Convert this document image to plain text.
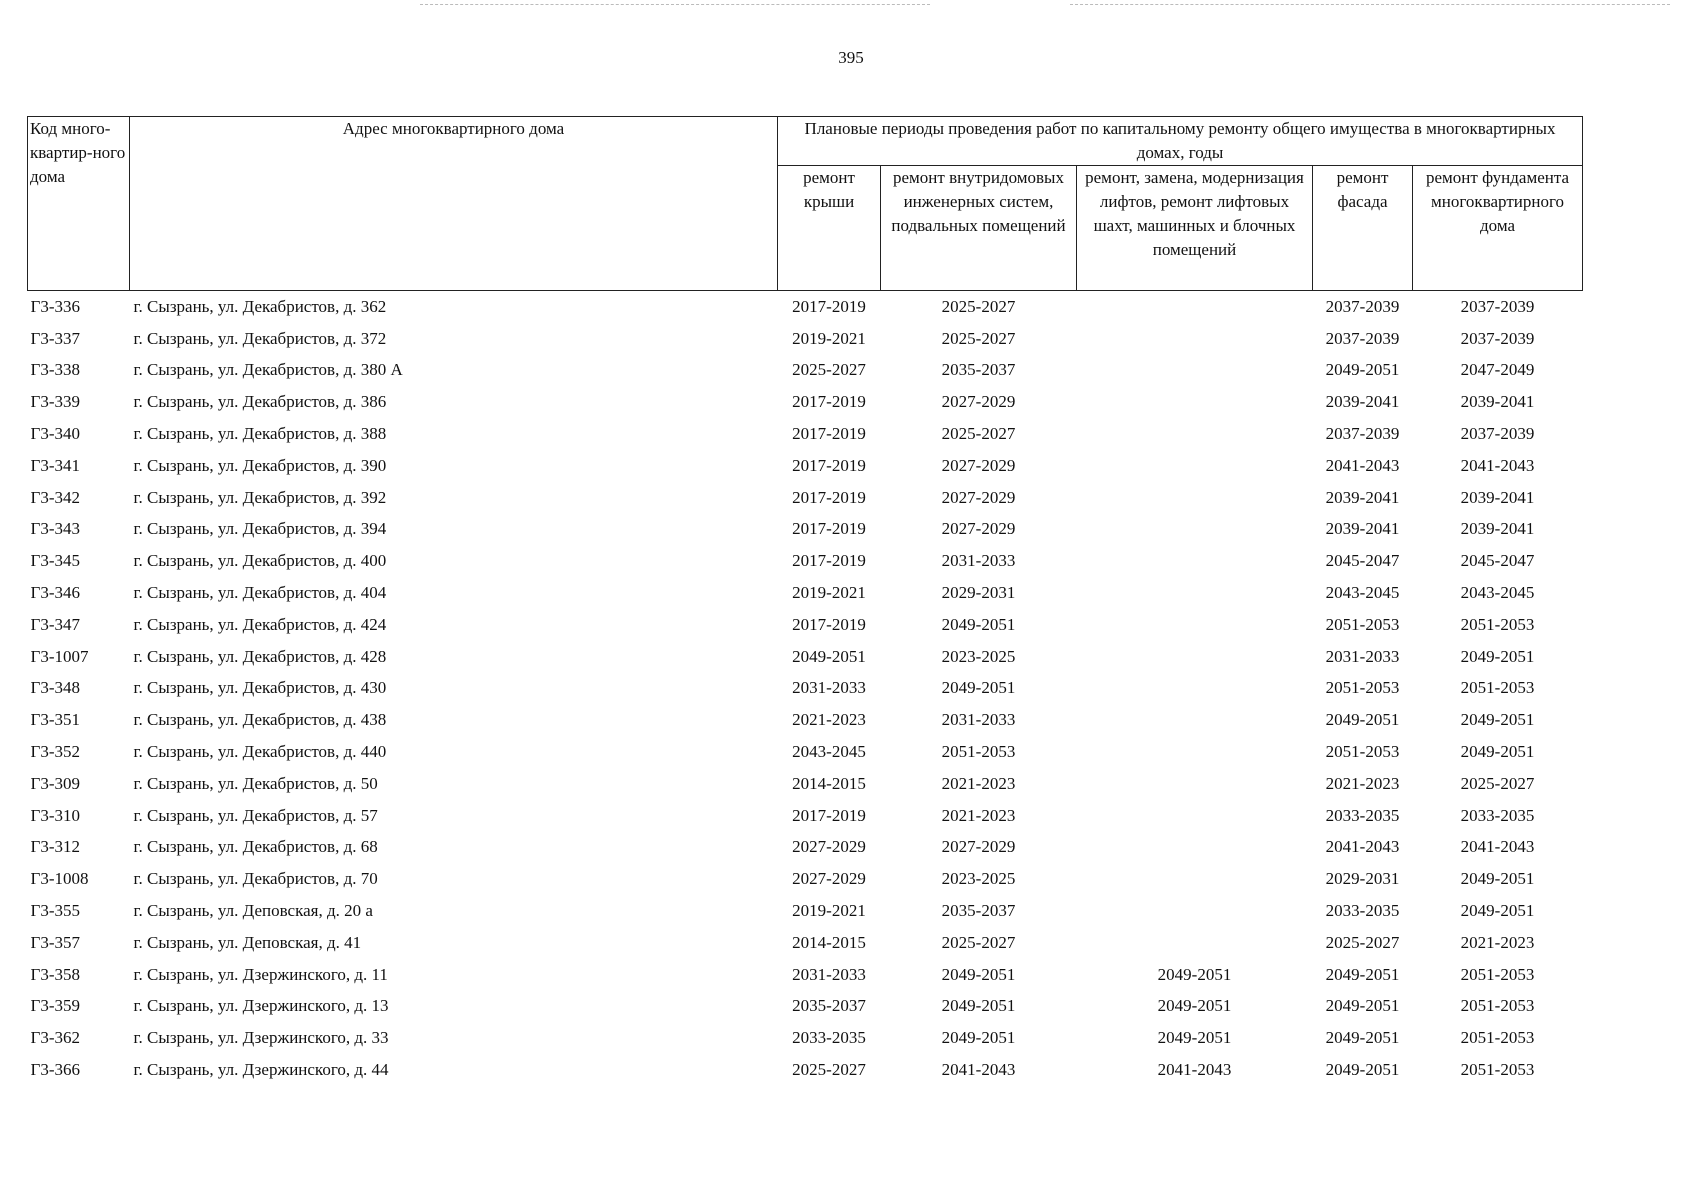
395
Код много-квартир-ного дома	Адрес многоквартирного дома	Плановые периоды проведения работ по капитальному ремонту общего имущества в многоквартирных домах, годы				
		ремонт крыши	ремонт внутридомовых инженерных систем, подвальных помещений	ремонт, замена, модернизация лифтов, ремонт лифтовых шахт, машинных и блочных помещений	ремонт фасада	ремонт фундамента многоквартирного дома
Г3-336	г. Сызрань, ул. Декабристов, д. 362	2017-2019	2025-2027		2037-2039	2037-2039
Г3-337	г. Сызрань, ул. Декабристов, д. 372	2019-2021	2025-2027		2037-2039	2037-2039
Г3-338	г. Сызрань, ул. Декабристов, д. 380 А	2025-2027	2035-2037		2049-2051	2047-2049
Г3-339	г. Сызрань, ул. Декабристов, д. 386	2017-2019	2027-2029		2039-2041	2039-2041
Г3-340	г. Сызрань, ул. Декабристов, д. 388	2017-2019	2025-2027		2037-2039	2037-2039
Г3-341	г. Сызрань, ул. Декабристов, д. 390	2017-2019	2027-2029		2041-2043	2041-2043
Г3-342	г. Сызрань, ул. Декабристов, д. 392	2017-2019	2027-2029		2039-2041	2039-2041
Г3-343	г. Сызрань, ул. Декабристов, д. 394	2017-2019	2027-2029		2039-2041	2039-2041
Г3-345	г. Сызрань, ул. Декабристов, д. 400	2017-2019	2031-2033		2045-2047	2045-2047
Г3-346	г. Сызрань, ул. Декабристов, д. 404	2019-2021	2029-2031		2043-2045	2043-2045
Г3-347	г. Сызрань, ул. Декабристов, д. 424	2017-2019	2049-2051		2051-2053	2051-2053
Г3-1007	г. Сызрань, ул. Декабристов, д. 428	2049-2051	2023-2025		2031-2033	2049-2051
Г3-348	г. Сызрань, ул. Декабристов, д. 430	2031-2033	2049-2051		2051-2053	2051-2053
Г3-351	г. Сызрань, ул. Декабристов, д. 438	2021-2023	2031-2033		2049-2051	2049-2051
Г3-352	г. Сызрань, ул. Декабристов, д. 440	2043-2045	2051-2053		2051-2053	2049-2051
Г3-309	г. Сызрань, ул. Декабристов, д. 50	2014-2015	2021-2023		2021-2023	2025-2027
Г3-310	г. Сызрань, ул. Декабристов, д. 57	2017-2019	2021-2023		2033-2035	2033-2035
Г3-312	г. Сызрань, ул. Декабристов, д. 68	2027-2029	2027-2029		2041-2043	2041-2043
Г3-1008	г. Сызрань, ул. Декабристов, д. 70	2027-2029	2023-2025		2029-2031	2049-2051
Г3-355	г. Сызрань, ул. Деповская, д. 20 а	2019-2021	2035-2037		2033-2035	2049-2051
Г3-357	г. Сызрань, ул. Деповская, д. 41	2014-2015	2025-2027		2025-2027	2021-2023
Г3-358	г. Сызрань, ул. Дзержинского, д. 11	2031-2033	2049-2051	2049-2051	2049-2051	2051-2053
Г3-359	г. Сызрань, ул. Дзержинского, д. 13	2035-2037	2049-2051	2049-2051	2049-2051	2051-2053
Г3-362	г. Сызрань, ул. Дзержинского, д. 33	2033-2035	2049-2051	2049-2051	2049-2051	2051-2053
Г3-366	г. Сызрань, ул. Дзержинского, д. 44	2025-2027	2041-2043	2041-2043	2049-2051	2051-2053
